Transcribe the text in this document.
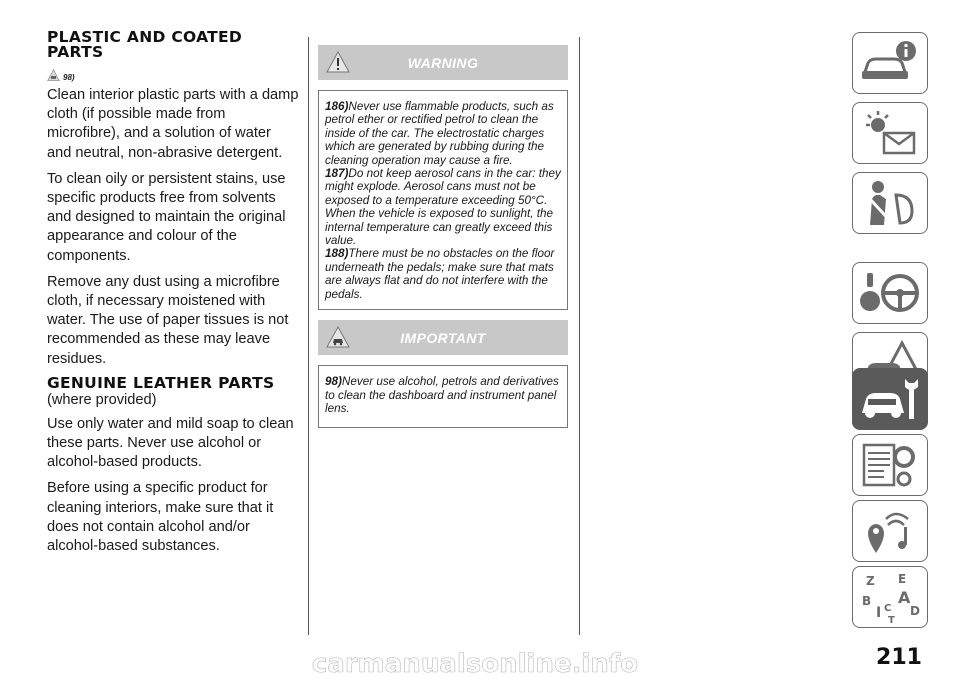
PLASTIC AND COATED PARTS
98)

Clean interior plastic parts with a damp cloth (if possible made from microfibre), and a solution of water and neutral, non-abrasive detergent.

To clean oily or persistent stains, use specific products free from solvents and designed to maintain the original appearance and colour of the components.

Remove any dust using a microfibre cloth, if necessary moistened with water. The use of paper tissues is not recommended as these may leave residues.

GENUINE LEATHER PARTS

(where provided)

Use only water and mild soap to clean these parts. Never use alcohol or alcohol-based products.

Before using a specific product for cleaning interiors, make sure that it does not contain alcohol and/or alcohol-based substances.

WARNING

186)Never use flammable products, such as petrol ether or rectified petrol to clean the inside of the car. The electrostatic charges which are generated by rubbing during the cleaning operation may cause a fire.

187)Do not keep aerosol cans in the car: they might explode. Aerosol cans must not be exposed to a temperature exceeding 50°C. When the vehicle is exposed to sunlight, the internal temperature can greatly exceed this value.

188)There must be no obstacles on the floor underneath the pedals; make sure that mats are always flat and do not interfere with the pedals.

IMPORTANT

98)Never use alcohol, petrols and derivatives to clean the dashboard and instrument panel lens.

Z E
B A
I C D
T
211
carmanualsonline.info
